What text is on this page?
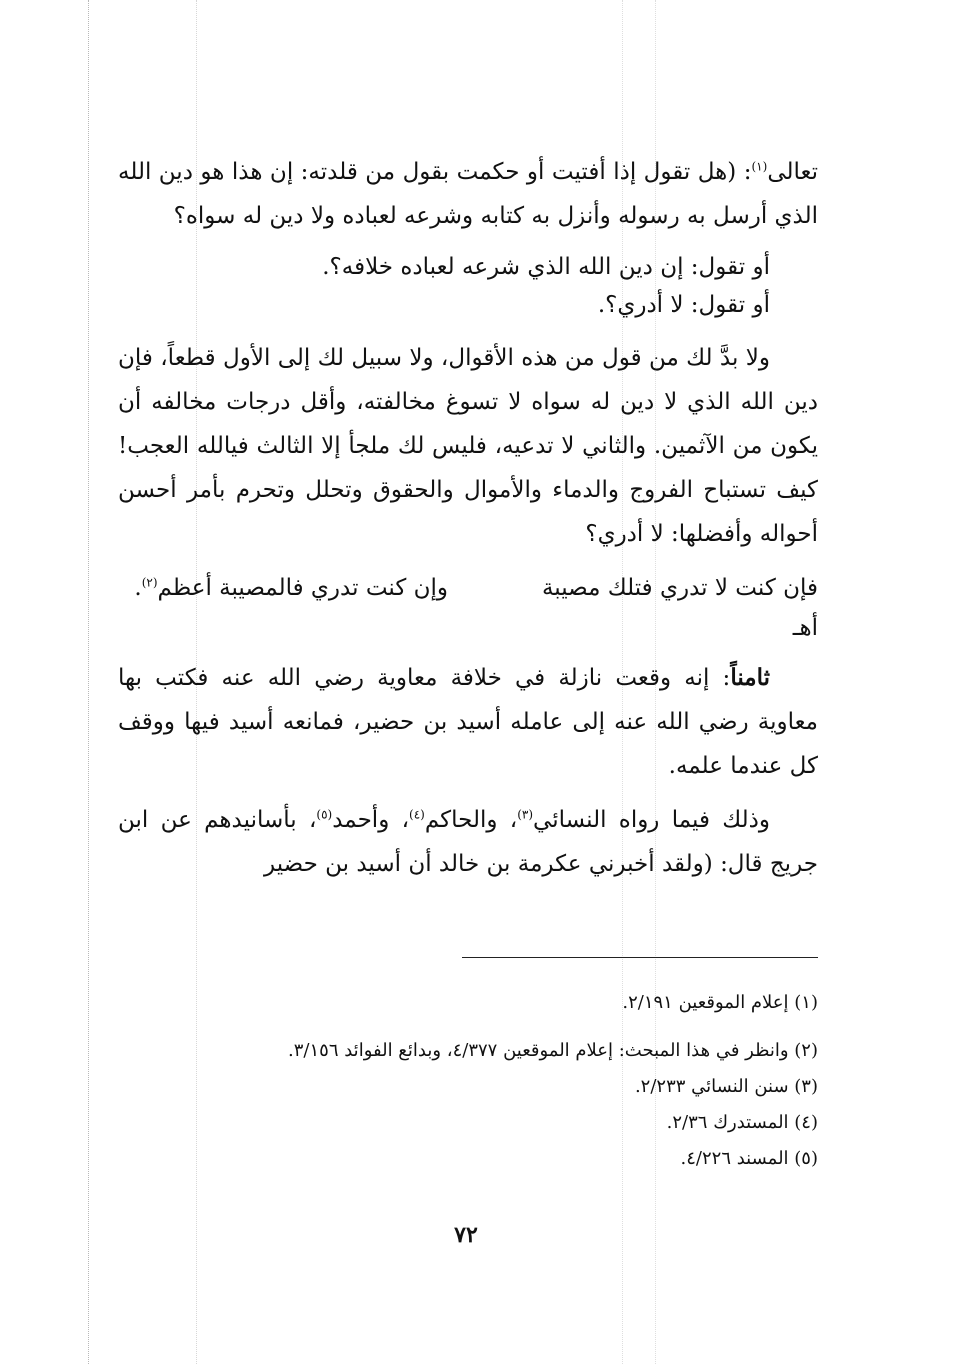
تعالى$^{(١)}$: (هل تقول إذا أفتيت أو حكمت بقول من قلدته: إن هذا هو دين الله الذي أرسل به رسوله وأنزل به كتابه وشرعه لعباده ولا دين له سواه؟

أو تقول: إن دين الله الذي شرعه لعباده خلافه؟.

أو تقول: لا أدري؟.

ولا بدَّ لك من قول من هذه الأقوال، ولا سبيل لك إلى الأول قطعاً، فإن دين الله الذي لا دين له سواه لا تسوغ مخالفته، وأقل درجات مخالفه أن يكون من الآثمين. والثاني لا تدعيه، فليس لك ملجأ إلا الثالث فيالله العجب! كيف تستباح الفروج والدماء والأموال والحقوق وتحلل وتحرم بأمر أحسن أحواله وأفضلها: لا أدري؟

فإن كنت لا تدري فتلك مصيبة
وإن كنت تدري فالمصيبة أعظم$^{(٢)}$.

أهـ

ثامناً: إنه وقعت نازلة في خلافة معاوية رضي الله عنه فكتب بها معاوية رضي الله عنه إلى عامله أسيد بن حضير، فمانعه أسيد فيها ووقف كل عندما علمه.

وذلك فيما رواه النسائي$^{(٣)}$، والحاكم$^{(٤)}$، وأحمد$^{(٥)}$، بأسانيدهم عن ابن جريج قال: (ولقد أخبرني عكرمة بن خالد أن أسيد بن حضير

(١) إعلام الموقعين ٢/١٩١.

(٢) وانظر في هذا المبحث: إعلام الموقعين ٤/٣٧٧، وبدائع الفوائد ٣/١٥٦.

(٣) سنن النسائي ٢/٢٣٣.

(٤) المستدرك ٢/٣٦.

(٥) المسند ٤/٢٢٦.

٧٢
